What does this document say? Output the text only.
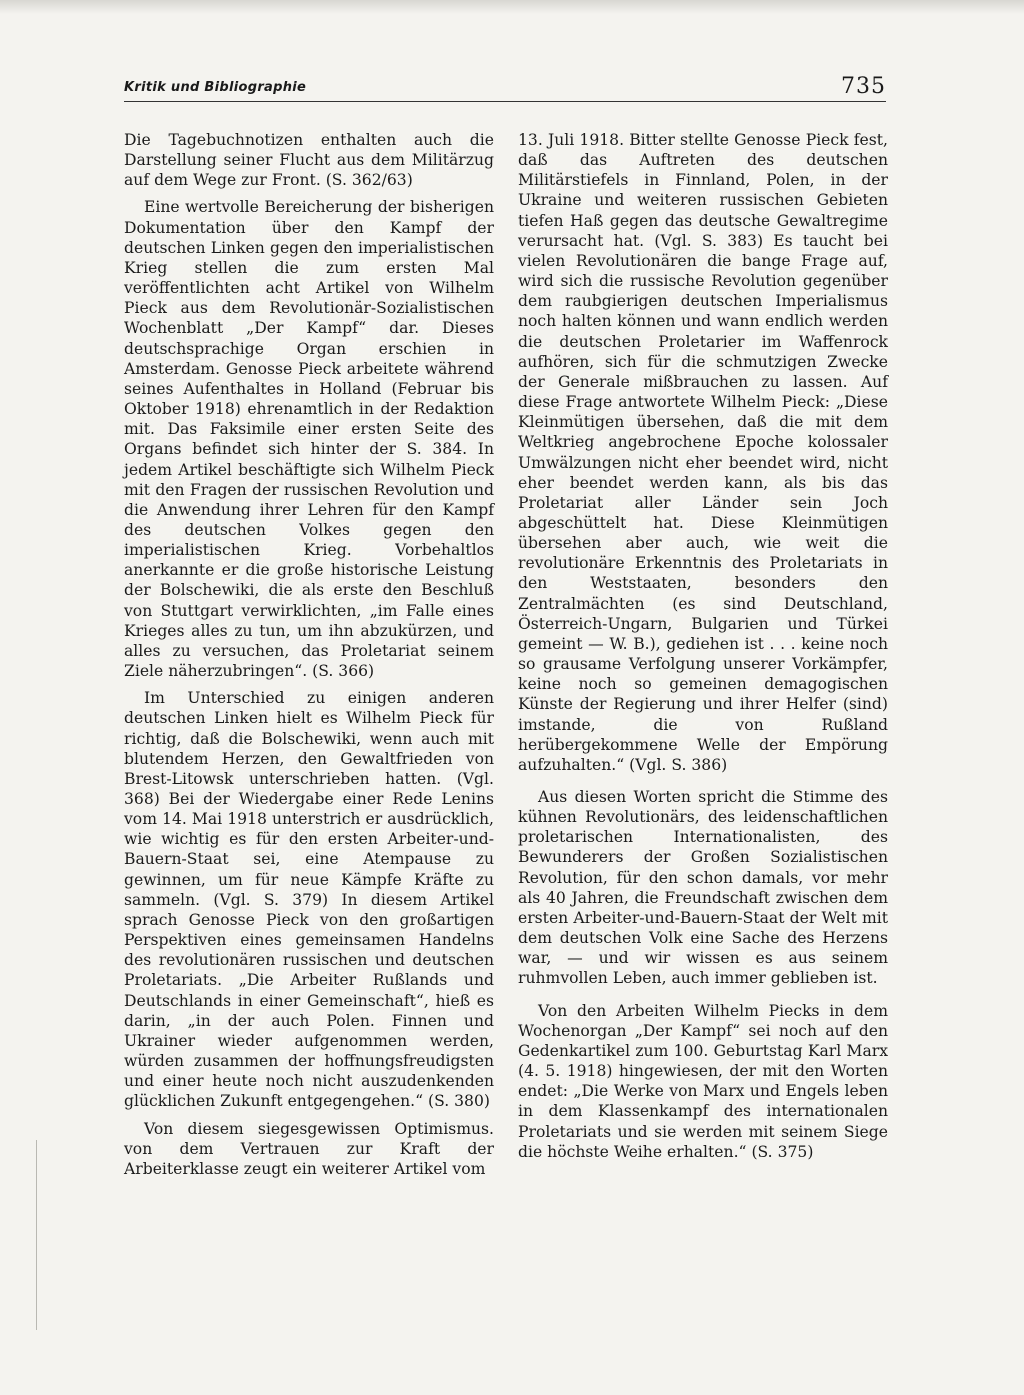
Kritik und Bibliographie	735

Die Tagebuchnotizen enthalten auch die Darstellung seiner Flucht aus dem Militärzug auf dem Wege zur Front. (S. 362/63)

Eine wertvolle Bereicherung der bisherigen Dokumentation über den Kampf der deutschen Linken gegen den imperialistischen Krieg stellen die zum ersten Mal veröffentlichten acht Artikel von Wilhelm Pieck aus dem Revolutionär-Sozialistischen Wochenblatt „Der Kampf“ dar. Dieses deutschsprachige Organ erschien in Amsterdam. Genosse Pieck arbeitete während seines Aufenthaltes in Holland (Februar bis Oktober 1918) ehrenamtlich in der Redaktion mit. Das Faksimile einer ersten Seite des Organs befindet sich hinter der S. 384. In jedem Artikel beschäftigte sich Wilhelm Pieck mit den Fragen der russischen Revolution und die Anwendung ihrer Lehren für den Kampf des deutschen Volkes gegen den imperialistischen Krieg. Vorbehaltlos anerkannte er die große historische Leistung der Bolschewiki, die als erste den Beschluß von Stuttgart verwirklichten, „im Falle eines Krieges alles zu tun, um ihn abzukürzen, und alles zu versuchen, das Proletariat seinem Ziele näherzubringen“. (S. 366)

Im Unterschied zu einigen anderen deutschen Linken hielt es Wilhelm Pieck für richtig, daß die Bolschewiki, wenn auch mit blutendem Herzen, den Gewaltfrieden von Brest-Litowsk unterschrieben hatten. (Vgl. 368) Bei der Wiedergabe einer Rede Lenins vom 14. Mai 1918 unterstrich er ausdrücklich, wie wichtig es für den ersten Arbeiter-und-Bauern-Staat sei, eine Atempause zu gewinnen, um für neue Kämpfe Kräfte zu sammeln. (Vgl. S. 379) In diesem Artikel sprach Genosse Pieck von den großartigen Perspektiven eines gemeinsamen Handelns des revolutionären russischen und deutschen Proletariats. „Die Arbeiter Rußlands und Deutschlands in einer Gemeinschaft“, hieß es darin, „in der auch Polen. Finnen und Ukrainer wieder aufgenommen werden, würden zusammen der hoffnungsfreudigsten und einer heute noch nicht auszudenkenden glücklichen Zukunft entgegengehen.“ (S. 380)

Von diesem siegesgewissen Optimismus. von dem Vertrauen zur Kraft der Arbeiterklasse zeugt ein weiterer Artikel vom

13. Juli 1918. Bitter stellte Genosse Pieck fest, daß das Auftreten des deutschen Militärstiefels in Finnland, Polen, in der Ukraine und weiteren russischen Gebieten tiefen Haß gegen das deutsche Gewaltregime verursacht hat. (Vgl. S. 383) Es taucht bei vielen Revolutionären die bange Frage auf, wird sich die russische Revolution gegenüber dem raubgierigen deutschen Imperialismus noch halten können und wann endlich werden die deutschen Proletarier im Waffenrock aufhören, sich für die schmutzigen Zwecke der Generale mißbrauchen zu lassen. Auf diese Frage antwortete Wilhelm Pieck: „Diese Kleinmütigen übersehen, daß die mit dem Weltkrieg angebrochene Epoche kolossaler Umwälzungen nicht eher beendet wird, nicht eher beendet werden kann, als bis das Proletariat aller Länder sein Joch abgeschüttelt hat. Diese Kleinmütigen übersehen aber auch, wie weit die revolutionäre Erkenntnis des Proletariats in den Weststaaten, besonders den Zentralmächten (es sind Deutschland, Österreich-Ungarn, Bulgarien und Türkei gemeint — W. B.), gediehen ist . . . keine noch so grausame Verfolgung unserer Vorkämpfer, keine noch so gemeinen demagogischen Künste der Regierung und ihrer Helfer (sind) imstande, die von Rußland herübergekommene Welle der Empörung aufzuhalten.“ (Vgl. S. 386)

Aus diesen Worten spricht die Stimme des kühnen Revolutionärs, des leidenschaftlichen proletarischen Internationalisten, des Bewunderers der Großen Sozialistischen Revolution, für den schon damals, vor mehr als 40 Jahren, die Freundschaft zwischen dem ersten Arbeiter-und-Bauern-Staat der Welt mit dem deutschen Volk eine Sache des Herzens war, — und wir wissen es aus seinem ruhmvollen Leben, auch immer geblieben ist.

Von den Arbeiten Wilhelm Piecks in dem Wochenorgan „Der Kampf“ sei noch auf den Gedenkartikel zum 100. Geburtstag Karl Marx (4. 5. 1918) hingewiesen, der mit den Worten endet: „Die Werke von Marx und Engels leben in dem Klassenkampf des internationalen Proletariats und sie werden mit seinem Siege die höchste Weihe erhalten.“ (S. 375)
